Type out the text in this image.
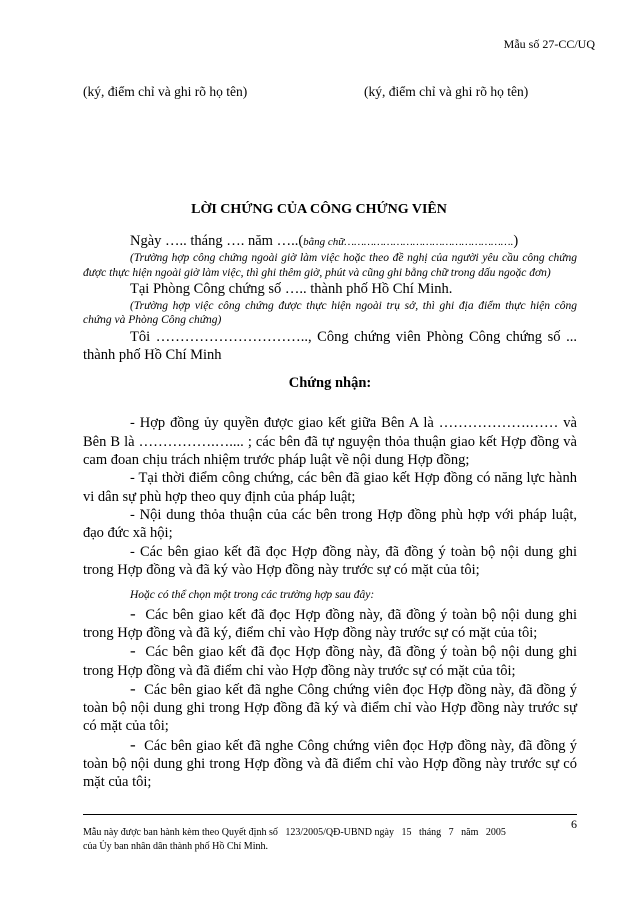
Mẫu số 27-CC/UQ
(ký, điểm chỉ và ghi rõ họ tên)	(ký, điểm chỉ và ghi rõ họ tên)
LỜI CHỨNG CỦA CÔNG CHỨNG VIÊN

Ngày ….. tháng …. năm …..(bằng chữ…………………………………………….)

(Trường hợp công chứng ngoài giờ làm việc hoặc theo đề nghị của người yêu cầu công chứng được thực hiện ngoài giờ làm việc, thì ghi thêm giờ, phút và cũng ghi bằng chữ trong dấu ngoặc đơn)

Tại Phòng Công chứng số ….. thành phố Hồ Chí Minh.

(Trường hợp việc công chứng được thực hiện ngoài trụ sở, thì ghi địa điểm thực hiện công chứng và Phòng Công chứng)

Tôi ………………………….., Công chứng viên Phòng Công chứng số ... thành phố Hồ Chí Minh

Chứng nhận:

- Hợp đồng ủy quyền được giao kết giữa Bên A là ……………….…… và Bên B là …………….….... ; các bên đã tự nguyện thỏa thuận giao kết Hợp đồng và cam đoan chịu trách nhiệm trước pháp luật về nội dung Hợp đồng;

- Tại thời điểm công chứng, các bên đã giao kết Hợp đồng có năng lực hành vi dân sự phù hợp theo quy định của pháp luật;

- Nội dung thỏa thuận của các bên trong Hợp đồng phù hợp với pháp luật, đạo đức xã hội;

- Các bên giao kết đã đọc Hợp đồng này, đã đồng ý toàn bộ nội dung ghi trong Hợp đồng và đã ký vào Hợp đồng này trước sự có mặt của tôi;

Hoặc có thể chọn một trong các trường hợp sau đây:

- Các bên giao kết đã đọc Hợp đồng này, đã đồng ý toàn bộ nội dung ghi trong Hợp đồng và đã ký, điểm chỉ vào Hợp đồng này trước sự có mặt của tôi;

- Các bên giao kết đã đọc Hợp đồng này, đã đồng ý toàn bộ nội dung ghi trong Hợp đồng và đã điểm chỉ vào Hợp đồng này trước sự có mặt của tôi;

- Các bên giao kết đã nghe Công chứng viên đọc Hợp đồng này, đã đồng ý toàn bộ nội dung ghi trong Hợp đồng đã ký và điểm chỉ vào Hợp đồng này trước sự có mặt của tôi;

- Các bên giao kết đã nghe Công chứng viên đọc Hợp đồng này, đã đồng ý toàn bộ nội dung ghi trong Hợp đồng và đã điểm chỉ vào Hợp đồng này trước sự có mặt của tôi;

6
Mẫu này được ban hành kèm theo Quyết định số   123/2005/QĐ-UBND ngày   15   tháng   7   năm   2005
của Ủy ban nhân dân thành phố Hồ Chí Minh.
